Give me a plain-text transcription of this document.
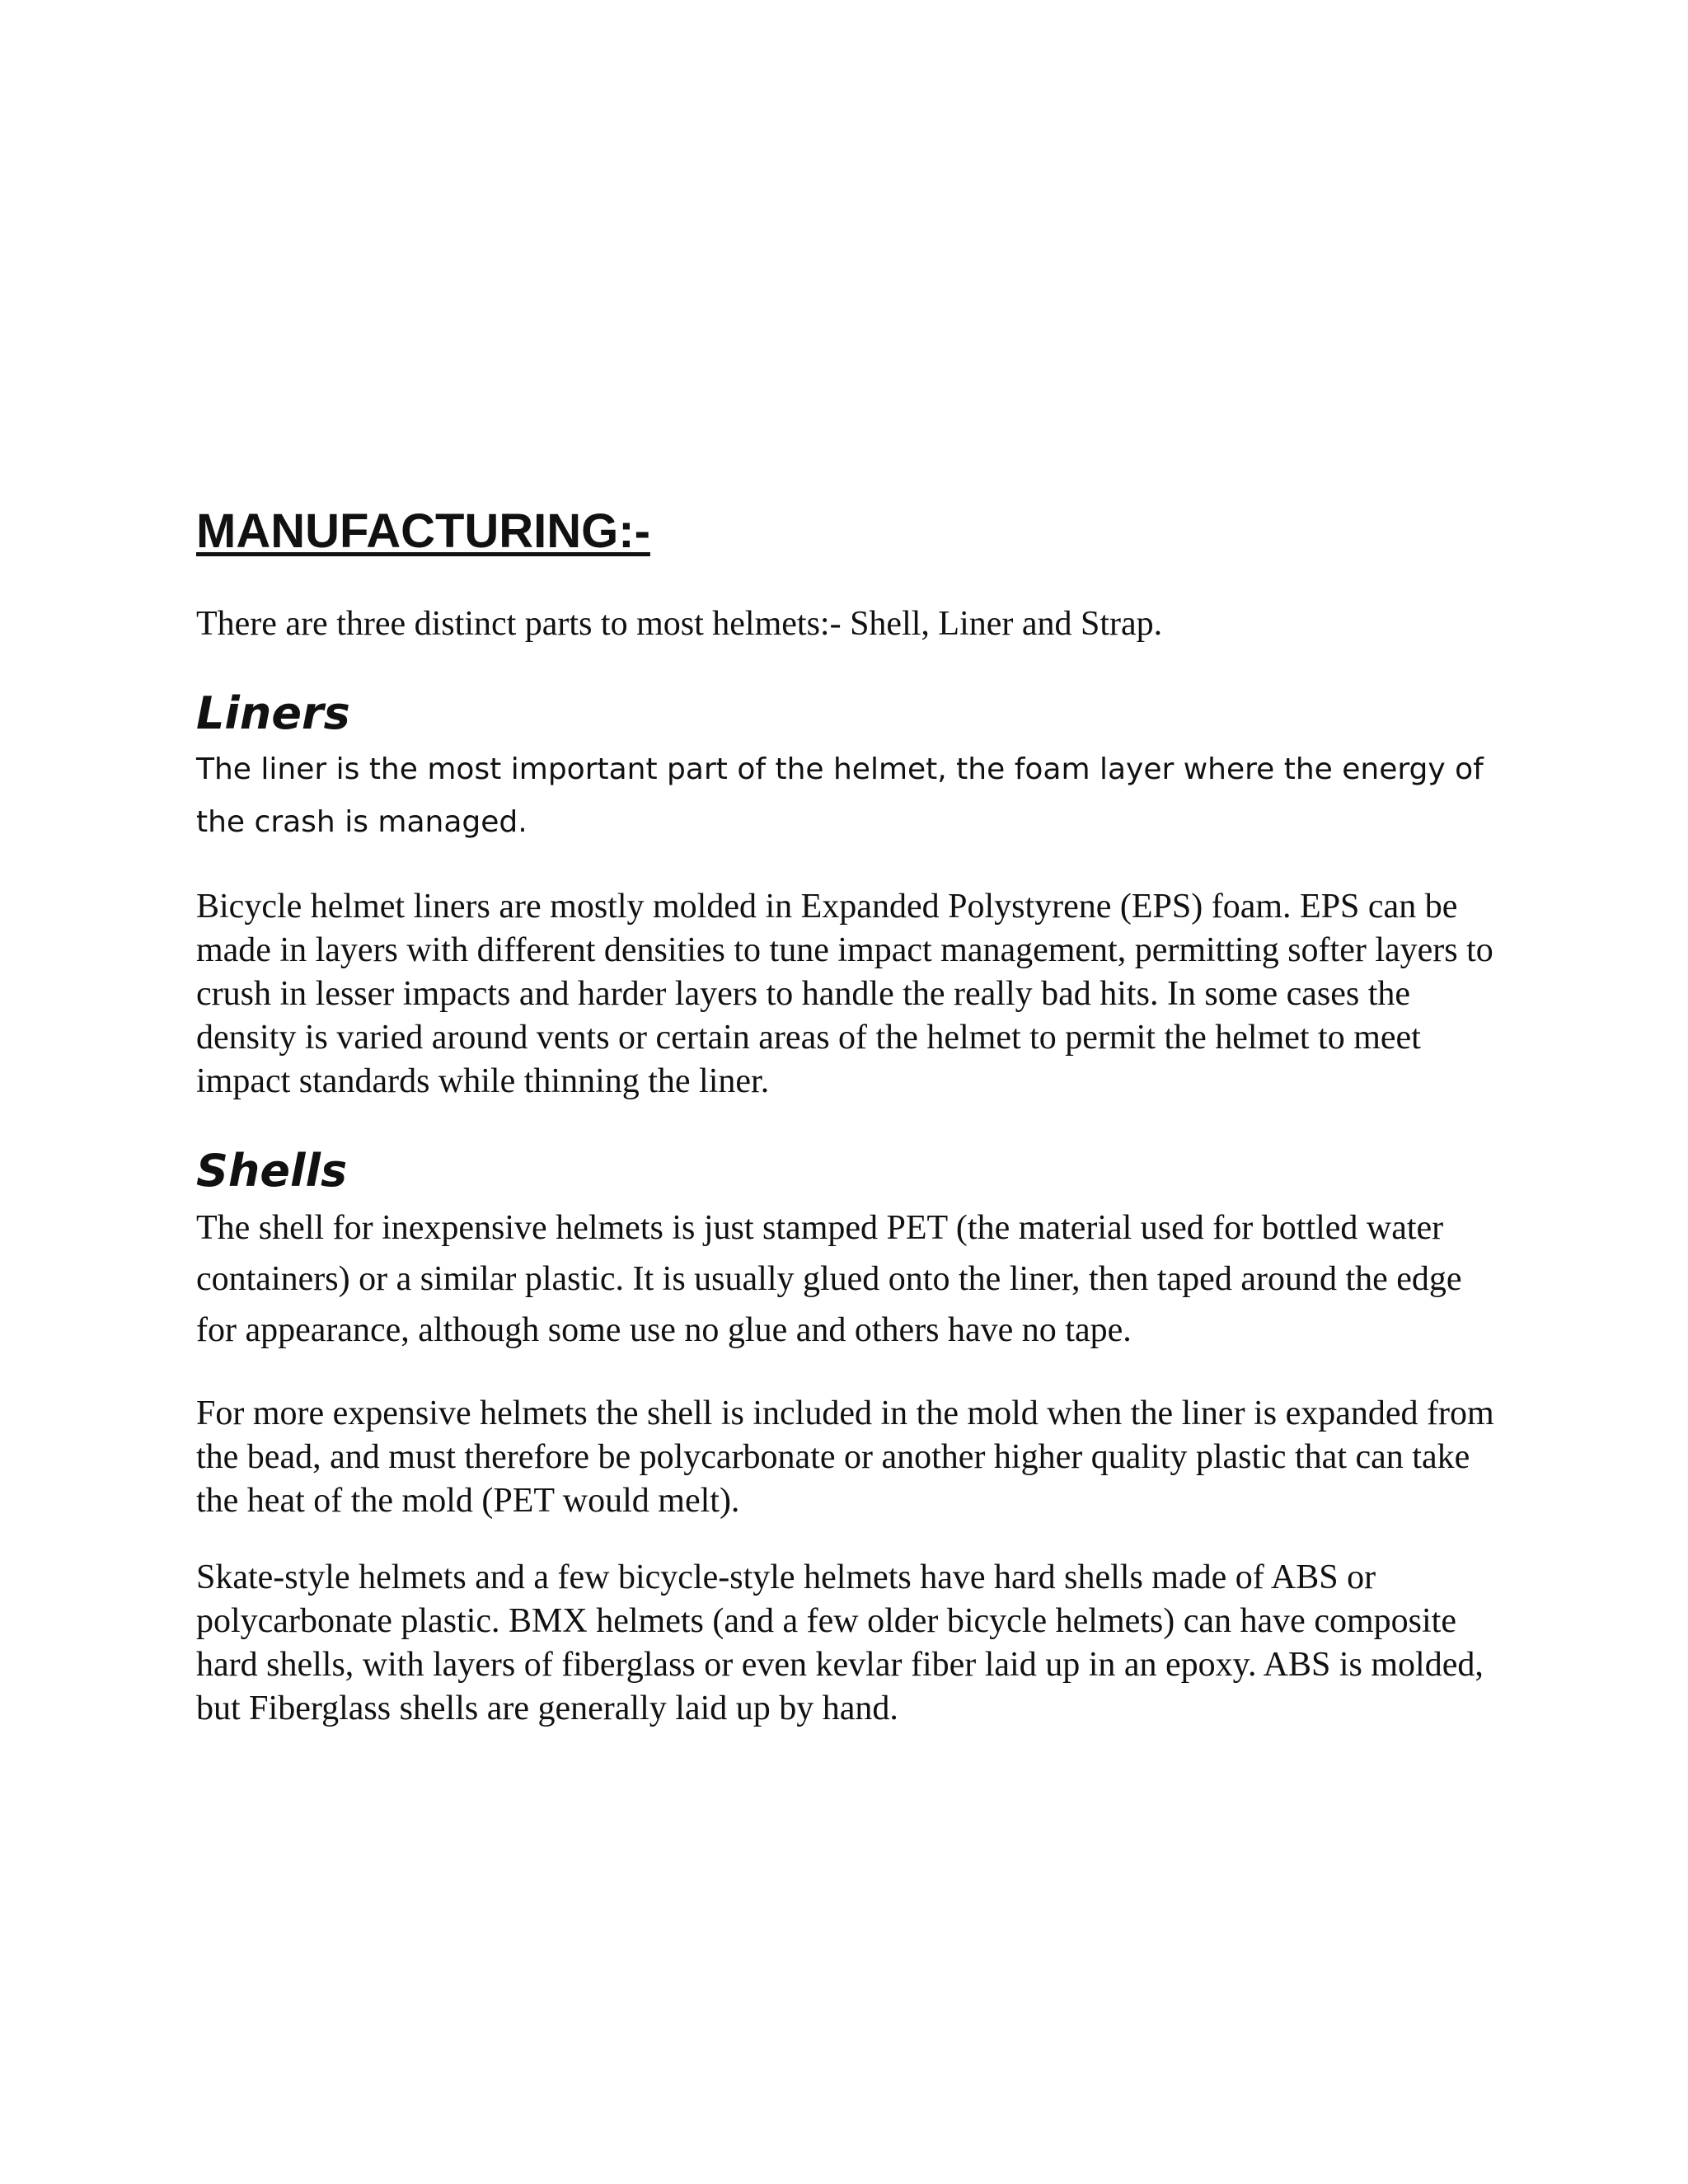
MANUFACTURING:-

There are three distinct parts to most helmets:- Shell, Liner and Strap.

Liners

The liner is the most important part of the helmet, the foam layer where the energy of the crash is managed.

Bicycle helmet liners are mostly molded in Expanded Polystyrene (EPS) foam. EPS can be made in layers with different densities to tune impact management, permitting softer layers to crush in lesser impacts and harder layers to handle the really bad hits. In some cases the density is varied around vents or certain areas of the helmet to permit the helmet to meet impact standards while thinning the liner.

Shells

The shell for inexpensive helmets is just stamped PET (the material used for bottled water containers) or a similar plastic. It is usually glued onto the liner, then taped around the edge for appearance, although some use no glue and others have no tape.

For more expensive helmets the shell is included in the mold when the liner is expanded from the bead, and must therefore be polycarbonate or another higher quality plastic that can take the heat of the mold (PET would melt).

Skate-style helmets and a few bicycle-style helmets have hard shells made of ABS or polycarbonate plastic. BMX helmets (and a few older bicycle helmets) can have composite hard shells, with layers of fiberglass or even kevlar fiber laid up in an epoxy. ABS is molded, but Fiberglass shells are generally laid up by hand.
